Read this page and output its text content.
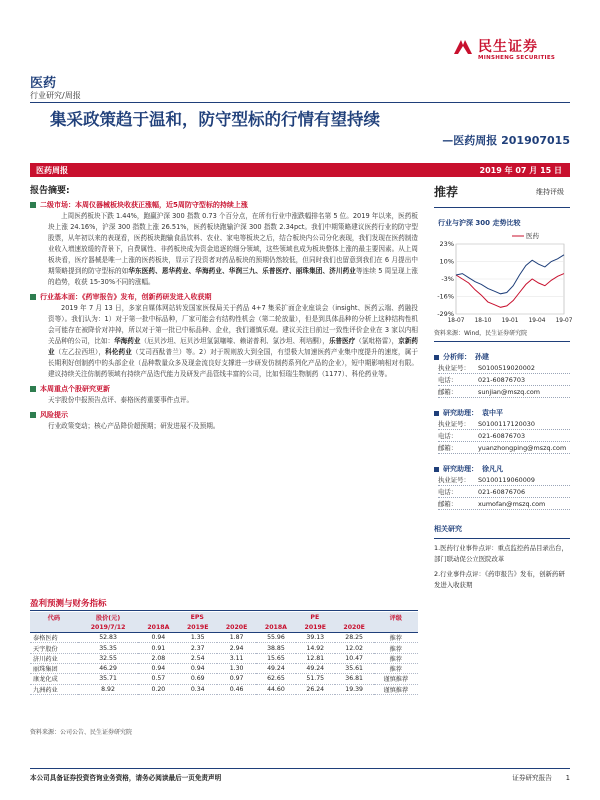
民生证券
MINSHENG SECURITIES
医药
行业研究/周报
集采政策趋于温和，防守型标的行情有望持续
—医药周报 201907015
医药周报	2019 年 07 月 15 日
报告摘要:
二级市场：本周仪器械板块收获正涨幅，近5周防守型标的持续上涨
上周医药板块下跌 1.44%，跑赢沪深 300 指数 0.73 个百分点，在所有行业中涨跌幅排名第 5 位。2019 年以来，医药板块上涨 24.16%，沪深 300 指数上涨 26.51%，医药板块跑输沪深 300 指数 2.34pct。我们中期策略建议医药行业的防守型股票，从年初以来的表现看，医药板块跑输食品饮料、农业、家电等板块之后，结合板块内公司分化表现，我们发现在医药制造业收入增速放缓的背景下，自费属性、非药板块成为资金追逐的细分领域，这些领域也成为板块整体上涨的最主要因素。从上周板块看，医疗器械是唯一上涨的医药板块，显示了投资者对药品板块的预期仍然较低，但同时我们也留意到我们在 6 月提出中期策略提到的防守型标的如华东医药、恩华药业、华海药业、华润三九、乐普医疗、丽珠集团、济川药业等连续 5 周呈现上涨的趋势，收获 15-30%不同的涨幅。
行业基本面：《药审报告》发布，创新药研发进入收获期
2019 年 7 月 13 日，多家自媒体网站转发国家医保局关于药品 4+7 集采扩面企业座谈会（insight、医药云端、药融投资等）。我们认为：1）对于第一批中标品种，厂家可能会有结构性机会（第二轮放量），但是到具体品种的分析上这种结构性机会可能存在被降价对冲掉，所以对于第一批已中标品种、企业，我们谨慎乐观。建议关注目前过一致性评价企业在 3 家以内相关品种的公司，比如：华海药业（厄贝沙坦、厄贝沙坦氢氯噻嗪、赖诺普利、氯沙坦、利培酮），乐普医疗（氯吡格雷），京新药业（左乙拉西坦），科伦药业（艾司西酞普兰）等。2）对于规则放大到全国，有望极大加速医药产业集中度提升的速度，属于长期利好创制药中的头部企业（品种数量众多及现金流良好支撑进一步研发仿制药系列化产品的企业），短中期影响相对有限。建议持续关注仿制药领域有持续产品迭代能力及研发产品管线丰富的公司，比如恒瑞生物制药（1177）、科伦药业等。
本周重点个股研究更新
天宇股份中报预告点评、泰格医药重要事件点评。
风险提示
行业政策变动；核心产品降价超预期；研发进展不及预期。
盈利预测与财务指标
代码	股价(元)	EPS			PE			评级
	2019/7/12	2018A	2019E	2020E	2018A	2019E	2020E	
泰格医药	52.83	0.94	1.35	1.87	55.96	39.13	28.25	推荐
天宇股份	35.35	0.91	2.37	2.94	38.85	14.92	12.02	推荐
济川药业	32.55	2.08	2.54	3.11	15.65	12.81	10.47	推荐
丽珠集团	46.29	0.94	0.94	1.30	49.24	49.24	35.61	推荐
康龙化成	35.71	0.57	0.69	0.97	62.65	51.75	36.81	谨慎推荐
九洲药业	8.92	0.20	0.34	0.46	44.60	26.24	19.39	谨慎推荐
资料来源：公司公告、民生证券研究院
推荐	维持评级
行业与沪深 300 走势比较
23%
10%
-3%
-16%
-29%
18-07 18-10 19-01 19-04 19-07
医药
资料来源：Wind，民生证券研究院
分析师： 孙建
执业证号：	S0100519020002
电话：	021-60876703
邮箱：	sunjian@mszq.com
研究助理： 袁中平
执业证号：	S0100117120030
电话：	021-60876703
邮箱：	yuanzhongping@mszq.com
研究助理： 徐凡凡
执业证号：	S0100119060009
电话：	021-60876706
邮箱：	xumofan@mszq.com
相关研究
1.医药行业事件点评：重点监控药品目录出台，部门联动促公立医院改革
2.行业事件点评：《药审报告》发布，创新药研发进入收获期
本公司具备证券投资咨询业务资格，请务必阅读最后一页免责声明	证券研究报告 1
